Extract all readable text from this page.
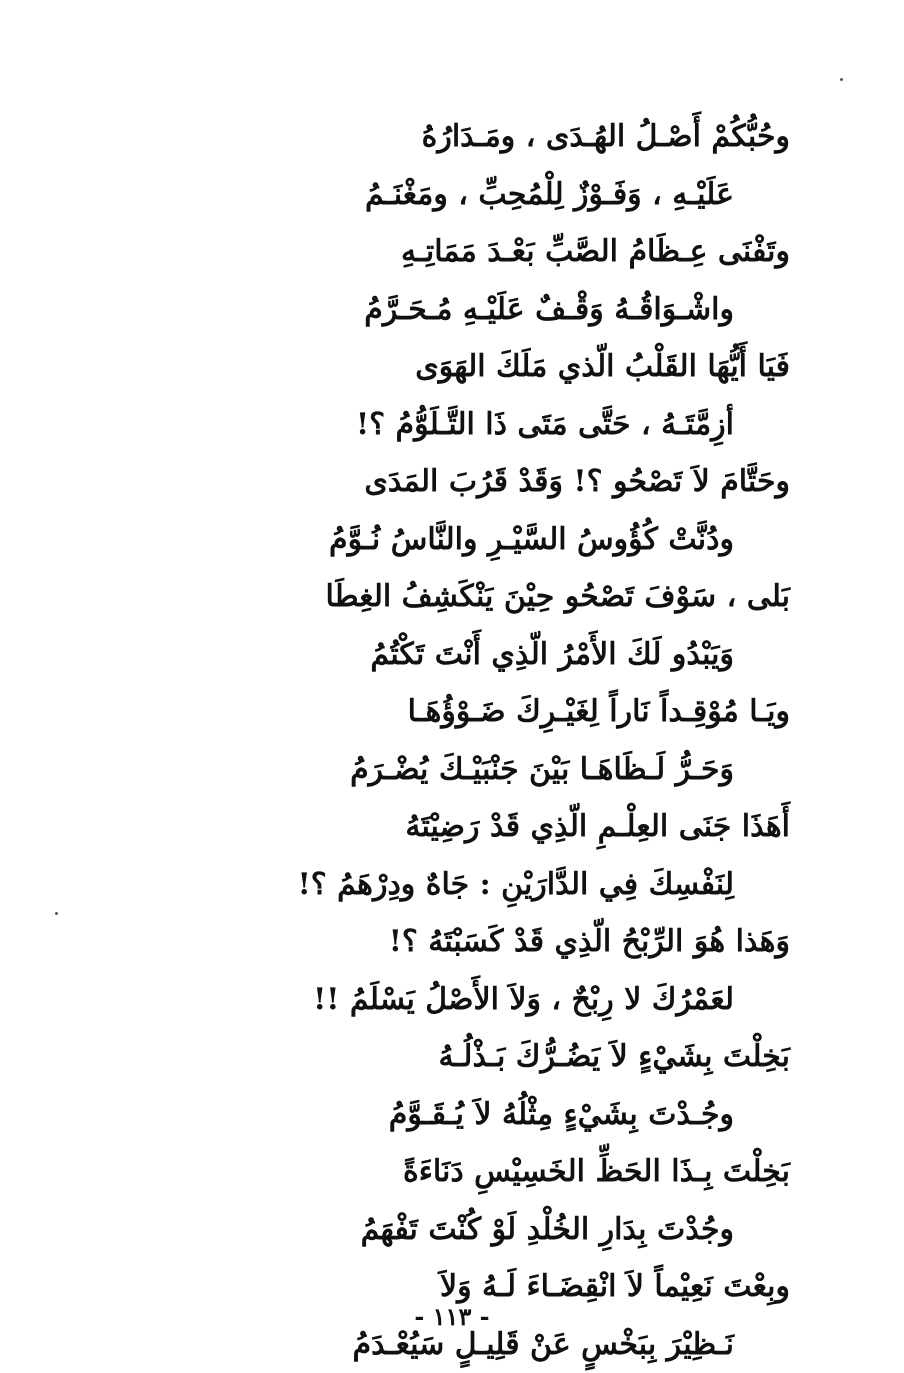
وحُبُّكُمْ أَصْـلُ الهُـدَى ، ومَـدَارُهُ
عَلَيْـهِ ، وَفَـوْزٌ لِلْمُحِبِّ ، ومَغْنَـمُ
وتَفْنَى عِـظَامُ الصَّبِّ بَعْـدَ مَمَاتِـهِ
واشْـوَاقُـهُ وَقْـفٌ عَلَيْـهِ مُـحَـرَّمُ
فَيَا أَيُّهَا القَلْبُ الّذي مَلَكَ الهَوَى
أزِمَّتَـهُ ، حَتَّى مَتَى ذَا التَّـلَوُّمُ ؟!
وحَتَّامَ لاَ تَصْحُو ؟! وَقَدْ قَرُبَ المَدَى
ودُنَّتْ كُؤُوسُ السَّيْـرِ والنَّاسُ نُـوَّمُ
بَلى ، سَوْفَ تَصْحُو حِيْنَ يَنْكَشِفُ الغِطَا
وَيَبْدُو لَكَ الأَمْرُ الّذِي أَنْتَ تَكْتُمُ
ويَـا مُوْقِـداً نَاراً لِغَيْـرِكَ ضَـوْؤُهَـا
وَحَـرُّ لَـظَاهَـا بَيْنَ جَنْبَيْـكَ يُضْـرَمُ
أَهَذَا جَنَى العِلْـمِ الّذِي قَدْ رَضِيْتَهُ
لِنَفْسِكَ فِي الدَّارَيْنِ : جَاهٌ ودِرْهَمُ ؟!
وَهَذا هُوَ الرِّبْحُ الّذِي قَدْ كَسَبْتَهُ ؟!
لعَمْرُكَ لا رِبْحٌ ، وَلاَ الأَصْلُ يَسْلَمُ !!
بَخِلْتَ بِشَيْءٍ لاَ يَضُـرُّكَ بَـذْلُـهُ
وجُـدْتَ بِشَيْءٍ مِثْلُهُ لاَ يُـقَـوَّمُ
بَخِلْتَ بِـذَا الحَظِّ الخَسِيْسِ دَنَاءَةً
وجُدْتَ بِدَارِ الخُلْدِ لَوْ كُنْتَ تَفْهَمُ
وبِعْتَ نَعِيْماً لاَ انْقِضَـاءَ لَـهُ وَلاَ
نَـظِيْرَ بِبَخْسٍ عَنْ قَلِيـلٍ سَيُعْـدَمُ
- ١١٣ -
